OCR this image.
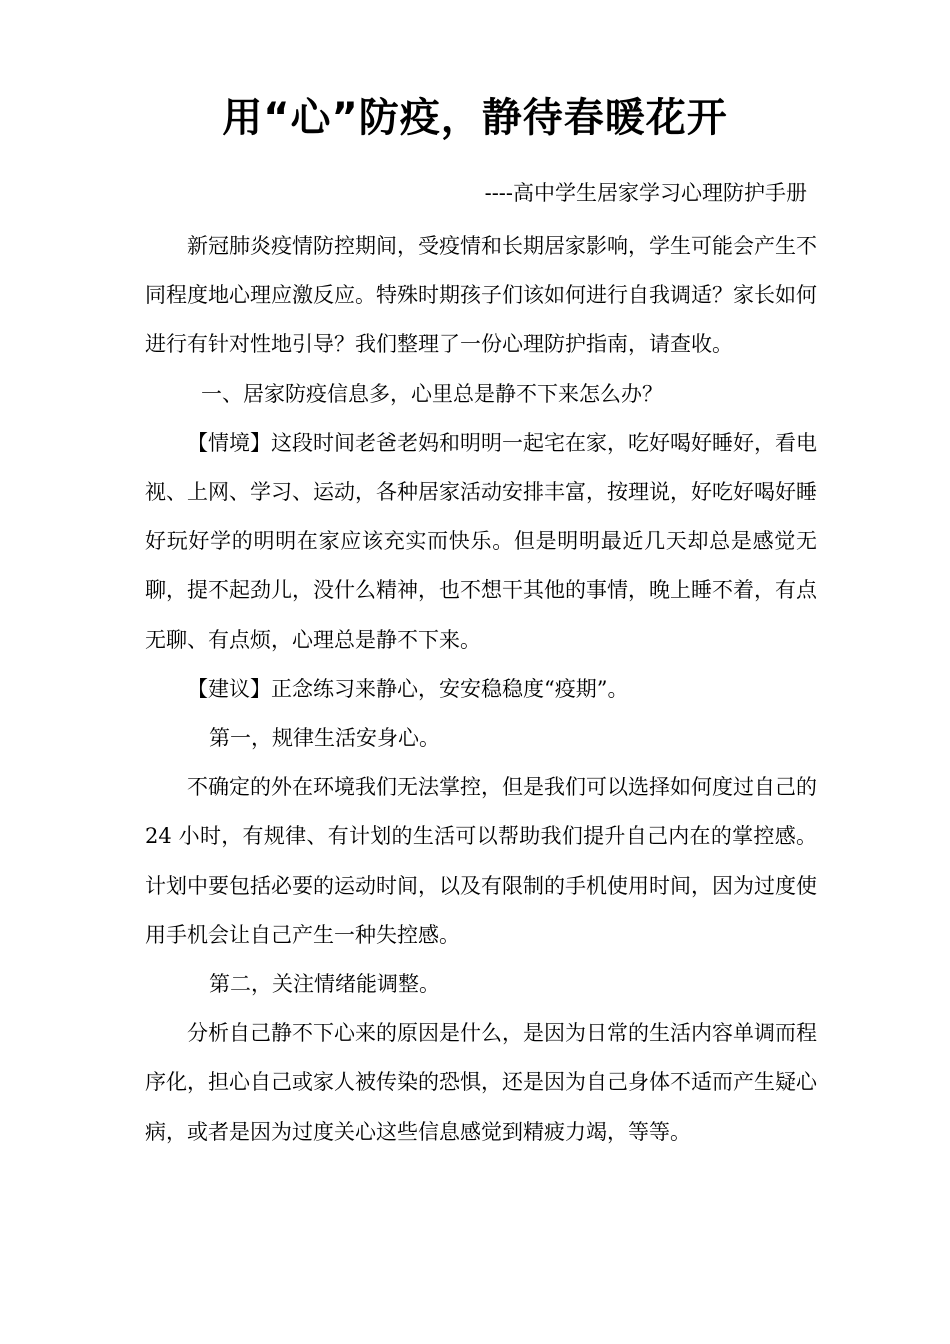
用“心”防疫，静待春暖花开
----高中学生居家学习心理防护手册

新冠肺炎疫情防控期间，受疫情和长期居家影响，学生可能会产生不同程度地心理应激反应。特殊时期孩子们该如何进行自我调适？家长如何进行有针对性地引导？我们整理了一份心理防护指南，请查收。

一、居家防疫信息多，心里总是静不下来怎么办？

【情境】这段时间老爸老妈和明明一起宅在家，吃好喝好睡好，看电视、上网、学习、运动，各种居家活动安排丰富，按理说，好吃好喝好睡好玩好学的明明在家应该充实而快乐。但是明明最近几天却总是感觉无聊，提不起劲儿，没什么精神，也不想干其他的事情，晚上睡不着，有点无聊、有点烦，心理总是静不下来。

【建议】正念练习来静心，安安稳稳度“疫期”。

第一，规律生活安身心。

不确定的外在环境我们无法掌控，但是我们可以选择如何度过自己的 24 小时，有规律、有计划的生活可以帮助我们提升自己内在的掌控感。计划中要包括必要的运动时间，以及有限制的手机使用时间，因为过度使用手机会让自己产生一种失控感。

第二，关注情绪能调整。

分析自己静不下心来的原因是什么，是因为日常的生活内容单调而程序化，担心自己或家人被传染的恐惧，还是因为自己身体不适而产生疑心病，或者是因为过度关心这些信息感觉到精疲力竭，等等。
